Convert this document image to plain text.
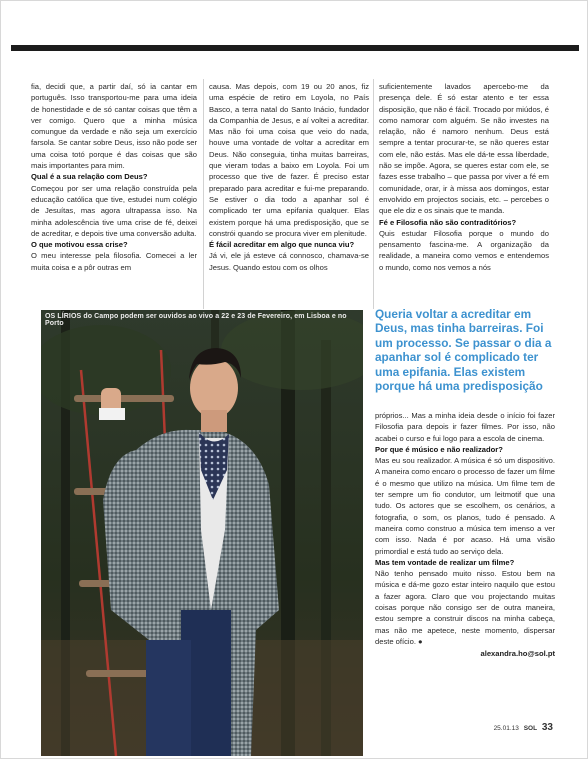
fia, decidi que, a partir daí, só ia cantar em português. Isso transportou-me para uma ideia de honestidade e de só cantar coisas que têm a ver comigo. Quero que a minha música comungue da verdade e não seja um exercício farsola. Se cantar sobre Deus, isso não pode ser uma coisa totó porque é das coisas que são mais importantes para mim.
Qual é a sua relação com Deus?
Começou por ser uma relação construída pela educação católica que tive, estudei num colégio de Jesuítas, mas agora ultrapassa isso. Na minha adolescência tive uma crise de fé, deixei de acreditar, e depois tive uma conversão adulta.
O que motivou essa crise?
O meu interesse pela filosofia. Comecei a ler muita coisa e a pôr outras em
causa. Mas depois, com 19 ou 20 anos, fiz uma espécie de retiro em Loyola, no País Basco, a terra natal do Santo Inácio, fundador da Companhia de Jesus, e aí voltei a acreditar. Mas não foi uma coisa que veio do nada, houve uma vontade de voltar a acreditar em Deus. Não conseguia, tinha muitas barreiras, que vieram todas a baixo em Loyola. Foi um processo que tive de fazer. É preciso estar preparado para acreditar e fui-me preparando. Se estiver o dia todo a apanhar sol é complicado ter uma epifania qualquer. Elas existem porque há uma predisposição, que se constrói quando se procura viver em plenitude.
É fácil acreditar em algo que nunca viu?
Já vi, ele já esteve cá connosco, chamava-se Jesus. Quando estou com os olhos
suficientemente lavados apercebo-me da presença dele. É só estar atento e ter essa disposição, que não é fácil. Trocado por miúdos, é como namorar com alguém. Se não investes na relação, não é namoro nenhum. Deus está sempre a tentar procurar-te, se não queres estar com ele, não estás. Mas ele dá-te essa liberdade, não se impõe. Agora, se queres estar com ele, se fazes esse trabalho – que passa por viver a fé em comunidade, orar, ir à missa aos domingos, estar envolvido em projectos sociais, etc. – percebes o que ele diz e os sinais que te manda.
Fé e Filosofia não são contraditórios?
Quis estudar Filosofia porque o mundo do pensamento fascina-me. A organização da realidade, a maneira como vemos e entendemos o mundo, como nos vemos a nós
OS LÍRIOS do Campo podem ser ouvidos ao vivo a 22 e 23 de Fevereiro, em Lisboa e no Porto
Queria voltar a acreditar em Deus, mas tinha barreiras. Foi um processo. Se passar o dia a apanhar sol é complicado ter uma epifania. Elas existem porque há uma predisposição
próprios... Mas a minha ideia desde o início foi fazer Filosofia para depois ir fazer filmes. Por isso, não acabei o curso e fui logo para a escola de cinema.
Por que é músico e não realizador?
Mas eu sou realizador. A música é só um dispositivo. A maneira como encaro o processo de fazer um filme é o mesmo que utilizo na música. Um filme tem de ter sempre um fio condutor, um leitmotif que una tudo. Os actores que se escolhem, os cenários, a fotografia, o som, os planos, tudo é pensado. A maneira como construo a música tem imenso a ver com isso. Nada é por acaso. Há uma visão primordial e está tudo ao serviço dela.
Mas tem vontade de realizar um filme?
Não tenho pensado muito nisso. Estou bem na música e dá-me gozo estar inteiro naquilo que estou a fazer agora. Claro que vou projectando muitas coisas porque não consigo ser de outra maneira, estou sempre a construir discos na minha cabeça, mas não me apetece, neste momento, dispersar deste ofício. ●
alexandra.ho@sol.pt
25.01.13 SOL 33
